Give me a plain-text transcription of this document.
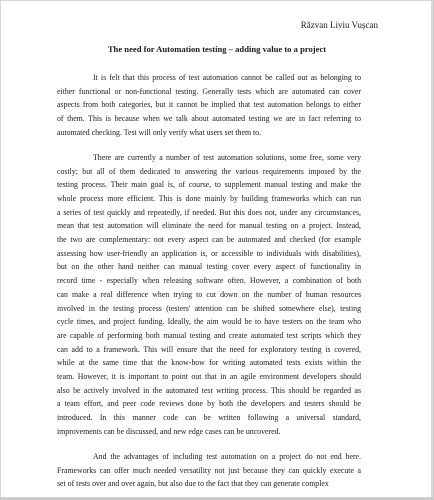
Răzvan Liviu Vușcan
The need for Automation testing – adding value to a project
It is felt that this process of test automation cannot be called out as belonging to
either functional or non-functional testing. Generally tests which are automated can cover
aspects from both categories, but it cannot be implied that test automation belongs to either
of them. This is because when we talk about automated testing we are in fact referring to
automated checking. Test will only verify what users set them to.
There are currently a number of test automation solutions, some free, some very
costly; but all of them dedicated to answering the various requirements imposed by the
testing process. Their main goal is, of course, to supplement manual testing and make the
whole process more efficient. This is done mainly by building frameworks which can run
a series of test quickly and repeatedly, if needed. But this does not, under any circumstances,
mean that test automation will eliminate the need for manual testing on a project. Instead,
the two are complementary: not every aspect can be automated and checked (for example
assessing how user-friendly an application is, or accessible to individuals with disabilities),
but on the other hand neither can manual testing cover every aspect of functionality in
record time - especially when releasing software often. However, a combination of both
can make a real difference when trying to cut down on the number of human resources
involved in the testing process (testers' attention can be shifted somewhere else), testing
cycle times, and project funding. Ideally, the aim would be to have testers on the team who
are capable of performing both manual testing and create automated test scripts which they
can add to a framework. This will ensure that the need for exploratory testing is covered,
while at the same time that the know-how for writing automated tests exists within the
team. However, it is important to point out that in an agile environment developers should
also be actively involved in the automated test writing process. This should be regarded as
a team effort, and peer code reviews done by both the developers and testers should be
introduced. In this manner code can be written following a universal standard,
improvements can be discussed, and new edge cases can be uncovered.
And the advantages of including test automation on a project do not end here.
Frameworks can offer much needed versatility not just because they can quickly execute a
set of tests over and over again, but also due to the fact that they can generate complex
